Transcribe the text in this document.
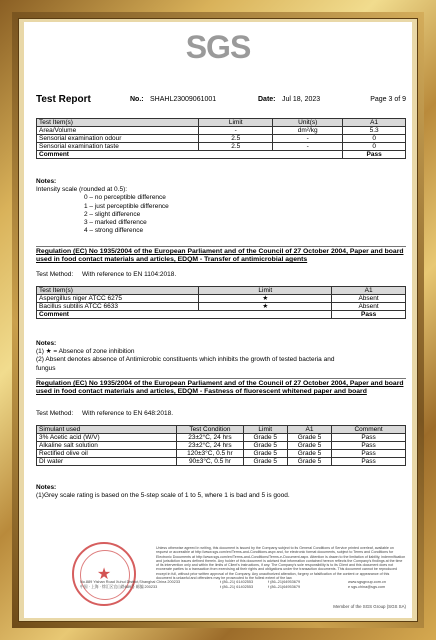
SGS
Test Report	No.: SHAHL23009061001	Date: Jul 18, 2023	Page 3 of 9
Test Item(s)	Limit	Unit(s)	A1
Area/Volume	-	dm²/kg	5.3
Sensorial examination odour	2.5	-	0
Sensorial examination taste	2.5	-	0
Comment			Pass
Notes:
Intensity scale (rounded at 0.5):
0 – no perceptible difference
1 – just perceptible difference
2 – slight difference
3 – marked difference
4 – strong difference
Regulation (EC) No 1935/2004 of the European Parliament and of the Council of 27 October 2004, Paper and board used in food contact materials and articles, EDQM - Transfer of antimicrobial agents
Test Method: With reference to EN 1104:2018.
Test Item(s)	Limit	A1
Aspergillus niger ATCC 6275	★	Absent
Bacillus subtilis ATCC 6633	★	Absent
Comment		Pass
Notes:
(1) ★ = Absence of zone inhibition
(2) Absent denotes absence of Antimicrobic constituents which inhibits the growth of tested bacteria and
fungus
Regulation (EC) No 1935/2004 of the European Parliament and of the Council of 27 October 2004, Paper and board used in food contact materials and articles, EDQM - Fastness of fluorescent whitened paper and board
Test Method: With reference to EN 648:2018.
Simulant used	Test Condition	Limit	A1	Comment
3% Acetic acid (W/V)	23±2°C, 24 hrs	Grade 5	Grade 5	Pass
Alkaline salt solution	23±2°C, 24 hrs	Grade 5	Grade 5	Pass
Rectified olive oil	120±3°C, 0.5 hr	Grade 5	Grade 5	Pass
DI water	90±3°C, 0.5 hr	Grade 5	Grade 5	Pass
Notes:
(1)Grey scale rating is based on the 5-step scale of 1 to 5, where 1 is bad and 5 is good.
★
Unless otherwise agreed in writing, this document is issued by the Company subject to its General Conditions of Service printed overleaf, available on request or accessible at http://www.sgs.com/en/Terms-and-Conditions.aspx and, for electronic format documents, subject to Terms and Conditions for Electronic Documents at http://www.sgs.com/en/Terms-and-Conditions/Terms-e-Document.aspx. Attention is drawn to the limitation of liability, indemnification and jurisdiction issues defined therein. Any holder of this document is advised that information contained hereon reflects the Company's findings at the time of its intervention only and within the limits of Client's instructions, if any. The Company's sole responsibility is to its Client and this document does not exonerate parties to a transaction from exercising all their rights and obligations under the transaction documents. This document cannot be reproduced except in full, without prior written approval of the Company. Any unauthorized alteration, forgery or falsification of the content or appearance of this document is unlawful and offenders may be prosecuted to the fullest extent of the law.
No.889 Yishan Road Xuhui District,Shanghai China 200233
中国 · 上海 · 徐汇区宜山路889号 邮编 200233
t (86–21) 61402553
t (86–21) 61402553
f (86–21)64953679
f (86–21)64953679
www.sgsgroup.com.cn
e sgs.china@sgs.com
Member of the SGS Group (SGS SA)
